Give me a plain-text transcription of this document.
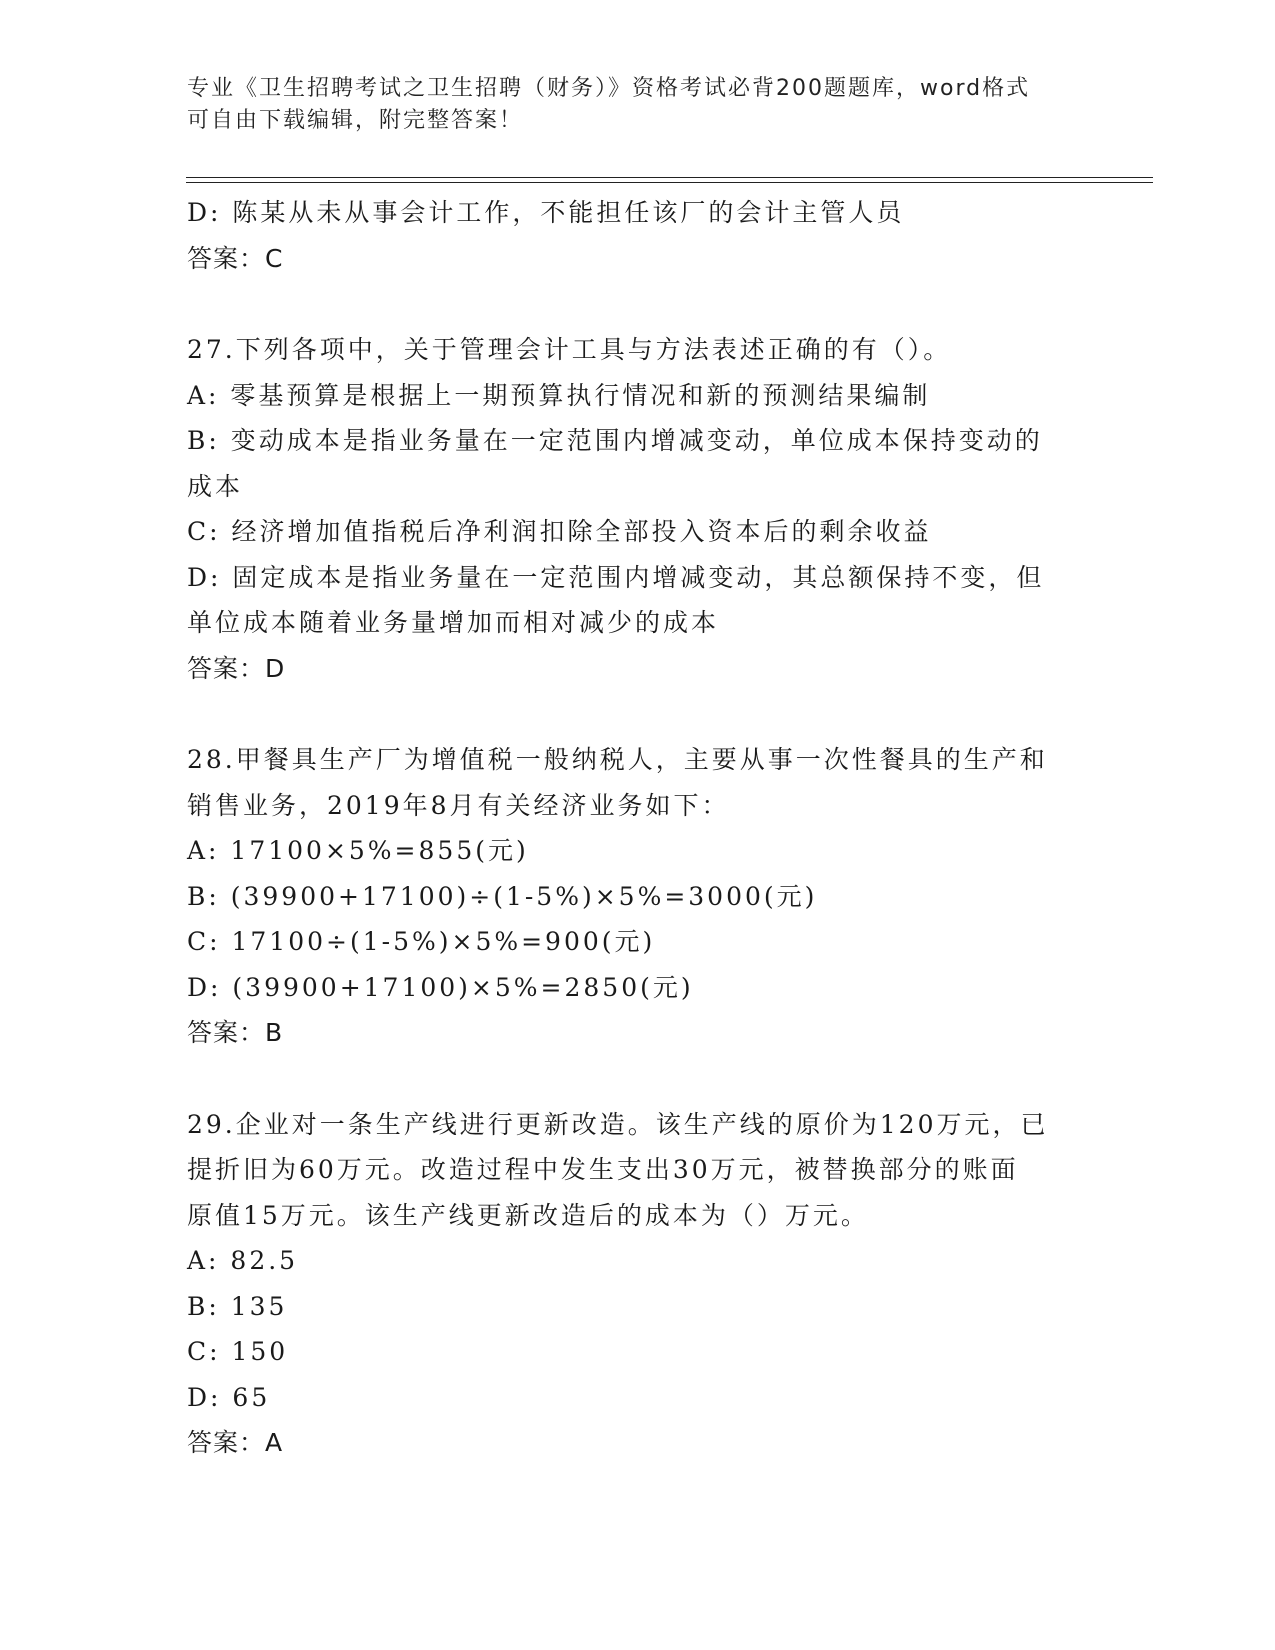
专业《卫生招聘考试之卫生招聘（财务）》资格考试必背200题题库，word格式
可自由下载编辑，附完整答案！
D: 陈某从未从事会计工作，不能担任该厂的会计主管人员
答案：C
27.下列各项中，关于管理会计工具与方法表述正确的有（）。
A: 零基预算是根据上一期预算执行情况和新的预测结果编制
B: 变动成本是指业务量在一定范围内增减变动，单位成本保持变动的
成本
C: 经济增加值指税后净利润扣除全部投入资本后的剩余收益
D: 固定成本是指业务量在一定范围内增减变动，其总额保持不变，但
单位成本随着业务量增加而相对减少的成本
答案：D
28.甲餐具生产厂为增值税一般纳税人，主要从事一次性餐具的生产和
销售业务，2019年8月有关经济业务如下：
A: 17100×5%=855(元)
B: (39900+17100)÷(1-5%)×5%=3000(元)
C: 17100÷(1-5%)×5%=900(元)
D: (39900+17100)×5%=2850(元)
答案：B
29.企业对一条生产线进行更新改造。该生产线的原价为120万元，已
提折旧为60万元。改造过程中发生支出30万元，被替换部分的账面
原值15万元。该生产线更新改造后的成本为（）万元。
A: 82.5
B: 135
C: 150
D: 65
答案：A
